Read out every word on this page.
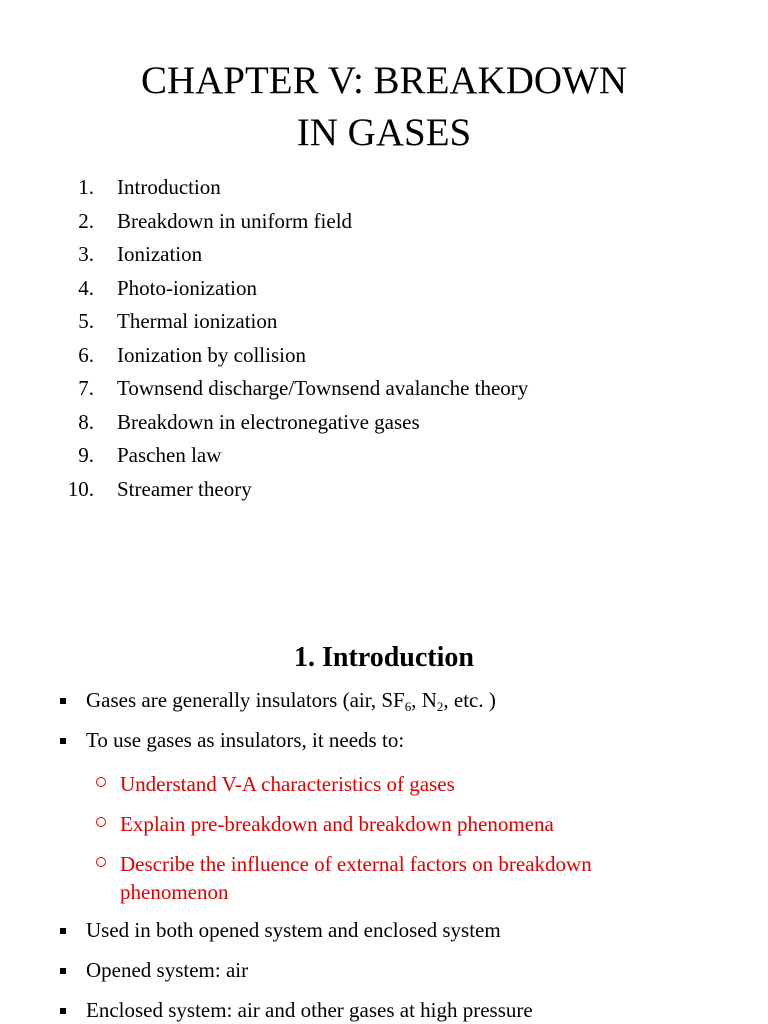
CHAPTER V: BREAKDOWN
IN GASES
1. Introduction
2. Breakdown in uniform field
3. Ionization
4. Photo-ionization
5. Thermal ionization
6. Ionization by collision
7. Townsend discharge/Townsend avalanche theory
8. Breakdown in electronegative gases
9. Paschen law
10. Streamer theory
1. Introduction
Gases are generally insulators (air, $SF_6$, $N_2$, etc. )
To use gases as insulators, it needs to:
Understand V-A characteristics of gases
Explain pre-breakdown and breakdown phenomena
Describe the influence of external factors on breakdown phenomenon
Used in both opened system and enclosed system
Opened system: air
Enclosed system: air and other gases at high pressure
